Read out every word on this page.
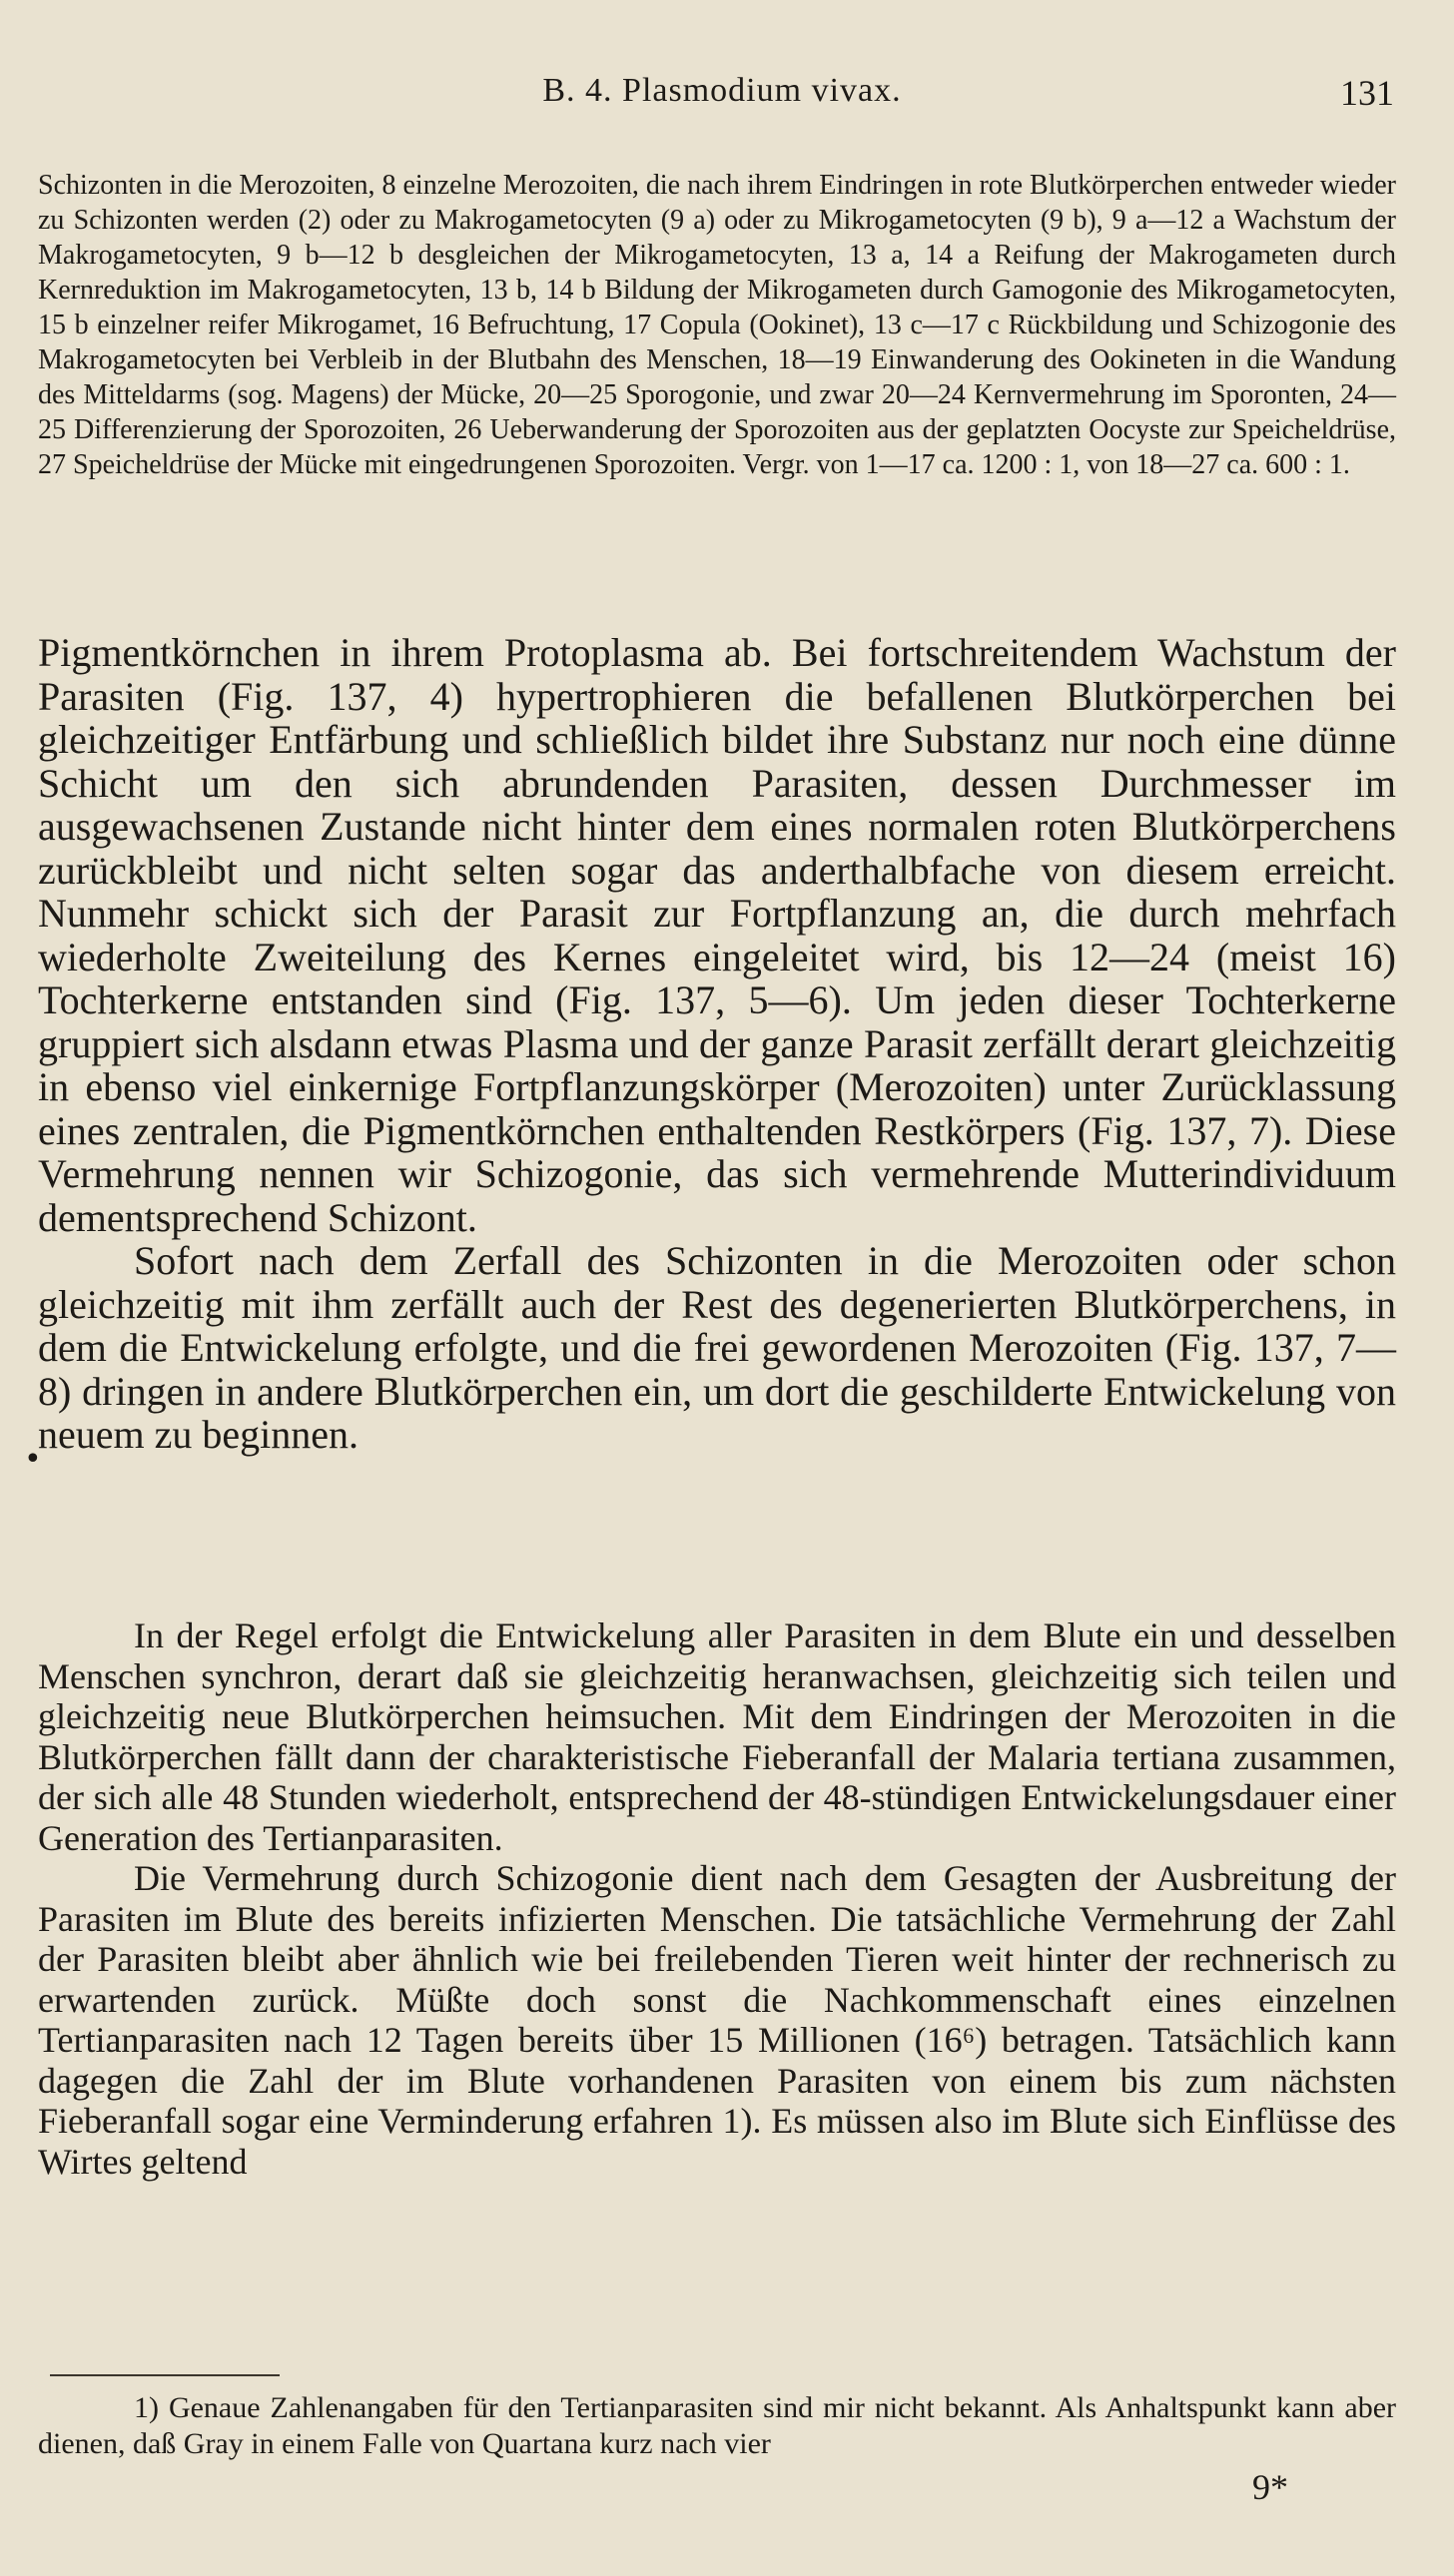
B. 4. Plasmodium vivax.	131
Schizonten in die Merozoiten, 8 einzelne Merozoiten, die nach ihrem Eindringen in rote Blutkörperchen entweder wieder zu Schizonten werden (2) oder zu Makrogametocyten (9 a) oder zu Mikrogametocyten (9 b), 9 a—12 a Wachstum der Makrogametocyten, 9 b—12 b desgleichen der Mikrogametocyten, 13 a, 14 a Reifung der Makrogameten durch Kernreduktion im Makrogametocyten, 13 b, 14 b Bildung der Mikrogameten durch Gamogonie des Mikrogametocyten, 15 b einzelner reifer Mikrogamet, 16 Befruchtung, 17 Copula (Ookinet), 13 c—17 c Rückbildung und Schizogonie des Makrogametocyten bei Verbleib in der Blutbahn des Menschen, 18—19 Einwanderung des Ookineten in die Wandung des Mitteldarms (sog. Magens) der Mücke, 20—25 Sporogonie, und zwar 20—24 Kernvermehrung im Sporonten, 24—25 Differenzierung der Sporozoiten, 26 Ueberwanderung der Sporozoiten aus der geplatzten Oocyste zur Speicheldrüse, 27 Speicheldrüse der Mücke mit eingedrungenen Sporozoiten. Vergr. von 1—17 ca. 1200 : 1, von 18—27 ca. 600 : 1.

Pigmentkörnchen in ihrem Protoplasma ab. Bei fortschreitendem Wachstum der Parasiten (Fig. 137, 4) hypertrophieren die befallenen Blutkörperchen bei gleichzeitiger Entfärbung und schließlich bildet ihre Substanz nur noch eine dünne Schicht um den sich abrundenden Parasiten, dessen Durchmesser im ausgewachsenen Zustande nicht hinter dem eines normalen roten Blutkörperchens zurückbleibt und nicht selten sogar das anderthalbfache von diesem erreicht. Nunmehr schickt sich der Parasit zur Fortpflanzung an, die durch mehrfach wiederholte Zweiteilung des Kernes eingeleitet wird, bis 12—24 (meist 16) Tochterkerne entstanden sind (Fig. 137, 5—6). Um jeden dieser Tochterkerne gruppiert sich alsdann etwas Plasma und der ganze Parasit zerfällt derart gleichzeitig in ebenso viel einkernige Fortpflanzungskörper (Merozoiten) unter Zurücklassung eines zentralen, die Pigmentkörnchen enthaltenden Restkörpers (Fig. 137, 7). Diese Vermehrung nennen wir Schizogonie, das sich vermehrende Mutterindividuum dementsprechend Schizont.

Sofort nach dem Zerfall des Schizonten in die Merozoiten oder schon gleichzeitig mit ihm zerfällt auch der Rest des degenerierten Blutkörperchens, in dem die Entwickelung erfolgte, und die frei gewordenen Merozoiten (Fig. 137, 7—8) dringen in andere Blutkörperchen ein, um dort die geschilderte Entwickelung von neuem zu beginnen.

•

In der Regel erfolgt die Entwickelung aller Parasiten in dem Blute ein und desselben Menschen synchron, derart daß sie gleichzeitig heranwachsen, gleichzeitig sich teilen und gleichzeitig neue Blutkörperchen heimsuchen. Mit dem Eindringen der Merozoiten in die Blutkörperchen fällt dann der charakteristische Fieberanfall der Malaria tertiana zusammen, der sich alle 48 Stunden wiederholt, entsprechend der 48-stündigen Entwickelungsdauer einer Generation des Tertianparasiten.

Die Vermehrung durch Schizogonie dient nach dem Gesagten der Ausbreitung der Parasiten im Blute des bereits infizierten Menschen. Die tatsächliche Vermehrung der Zahl der Parasiten bleibt aber ähnlich wie bei freilebenden Tieren weit hinter der rechnerisch zu erwartenden zurück. Müßte doch sonst die Nachkommenschaft eines einzelnen Tertianparasiten nach 12 Tagen bereits über 15 Millionen (16⁶) betragen. Tatsächlich kann dagegen die Zahl der im Blute vorhandenen Parasiten von einem bis zum nächsten Fieberanfall sogar eine Verminderung erfahren 1). Es müssen also im Blute sich Einflüsse des Wirtes geltend

1) Genaue Zahlenangaben für den Tertianparasiten sind mir nicht bekannt. Als Anhaltspunkt kann aber dienen, daß Gray in einem Falle von Quartana kurz nach vier
9*
